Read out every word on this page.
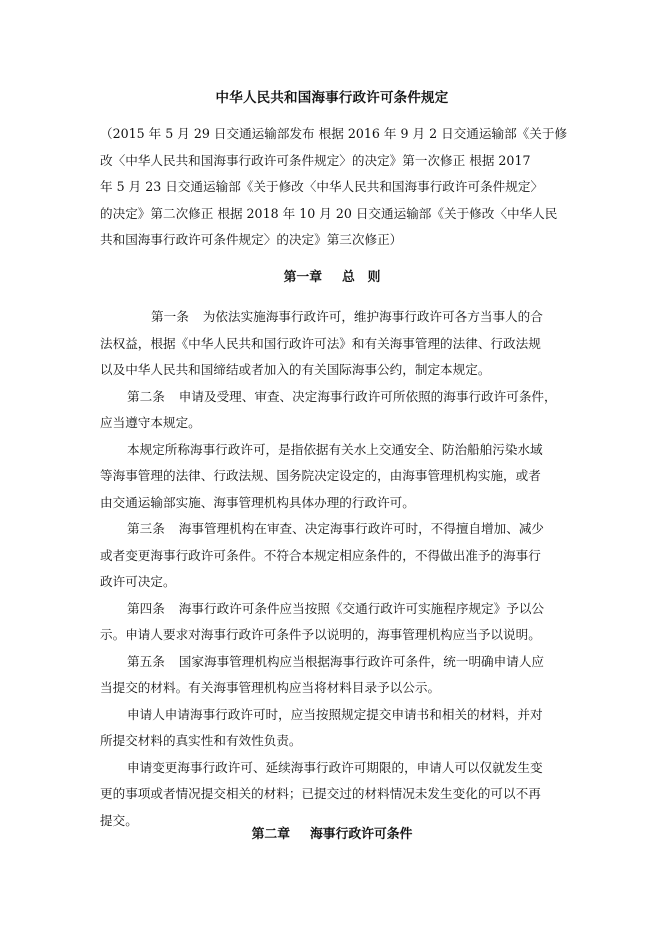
中华人民共和国海事行政许可条件规定
（2015 年 5 月 29 日交通运输部发布 根据 2016 年 9 月 2 日交通运输部《关于修
改〈中华人民共和国海事行政许可条件规定〉的决定》第一次修正 根据 2017
年 5 月 23 日交通运输部《关于修改〈中华人民共和国海事行政许可条件规定〉
的决定》第二次修正 根据 2018 年 10 月 20 日交通运输部《关于修改〈中华人民
共和国海事行政许可条件规定〉的决定》第三次修正）
第一章 总　则
第一条 为依法实施海事行政许可，维护海事行政许可各方当事人的合
法权益，根据《中华人民共和国行政许可法》和有关海事管理的法律、行政法规
以及中华人民共和国缔结或者加入的有关国际海事公约，制定本规定。
第二条 申请及受理、审查、决定海事行政许可所依照的海事行政许可条件，
应当遵守本规定。
本规定所称海事行政许可，是指依据有关水上交通安全、防治船舶污染水域
等海事管理的法律、行政法规、国务院决定设定的，由海事管理机构实施，或者
由交通运输部实施、海事管理机构具体办理的行政许可。
第三条 海事管理机构在审查、决定海事行政许可时，不得擅自增加、减少
或者变更海事行政许可条件。不符合本规定相应条件的，不得做出准予的海事行
政许可决定。
第四条 海事行政许可条件应当按照《交通行政许可实施程序规定》予以公
示。申请人要求对海事行政许可条件予以说明的，海事管理机构应当予以说明。
第五条 国家海事管理机构应当根据海事行政许可条件，统一明确申请人应
当提交的材料。有关海事管理机构应当将材料目录予以公示。
申请人申请海事行政许可时，应当按照规定提交申请书和相关的材料，并对
所提交材料的真实性和有效性负责。
申请变更海事行政许可、延续海事行政许可期限的，申请人可以仅就发生变
更的事项或者情况提交相关的材料；已提交过的材料情况未发生变化的可以不再
提交。
第二章 海事行政许可条件
